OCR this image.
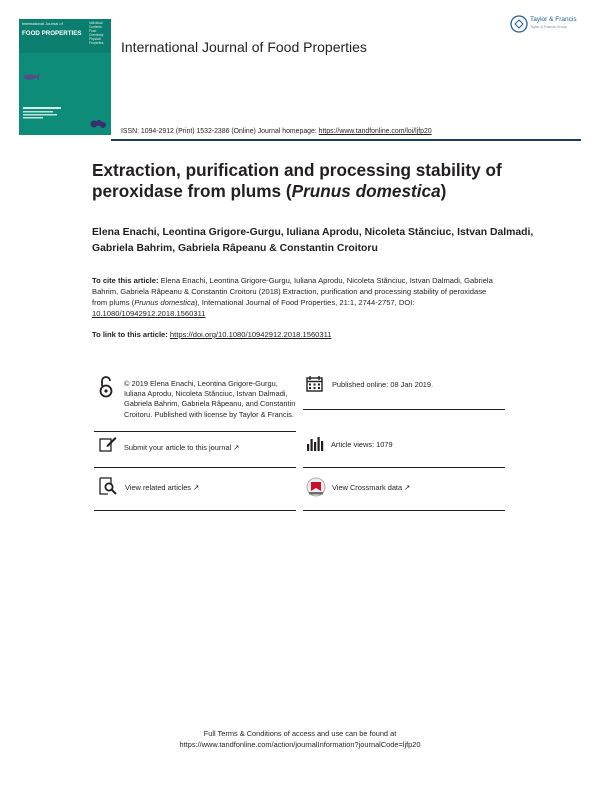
International Journal of
FOOD PROPERTIES
Individual
Contents
Food
Chemistry
Physical
Properties	International Journal of Food Properties
Taylor & Francis
Taylor & Francis Group
ISSN: 1094-2912 (Print) 1532-2386 (Online) Journal homepage: https://www.tandfonline.com/loi/ljfp20
Extraction, purification and processing stability of peroxidase from plums (Prunus domestica)
Elena Enachi, Leontina Grigore-Gurgu, Iuliana Aprodu, Nicoleta Stănciuc, Istvan Dalmadi, Gabriela Bahrim, Gabriela Râpeanu & Constantin Croitoru
To cite this article: Elena Enachi, Leontina Grigore-Gurgu, Iuliana Aprodu, Nicoleta Stănciuc, Istvan Dalmadi, Gabriela Bahrim, Gabriela Râpeanu & Constantin Croitoru (2018) Extraction, purification and processing stability of peroxidase from plums (Prunus domestica), International Journal of Food Properties, 21:1, 2744-2757, DOI: 10.1080/10942912.2018.1560311
To link to this article: https://doi.org/10.1080/10942912.2018.1560311
© 2019 Elena Enachi, Leontina Grigore-Gurgu, Iuliana Aprodu, Nicoleta Stănciuc, Istvan Dalmadi, Gabriela Bahrim, Gabriela Râpeanu, and Constantin Croitoru. Published with license by Taylor & Francis.
Published online: 08 Jan 2019.
Submit your article to this journal ↗	Article views: 1079
View related articles ↗	View Crossmark data ↗
Full Terms & Conditions of access and use can be found at
https://www.tandfonline.com/action/journalInformation?journalCode=ljfp20
